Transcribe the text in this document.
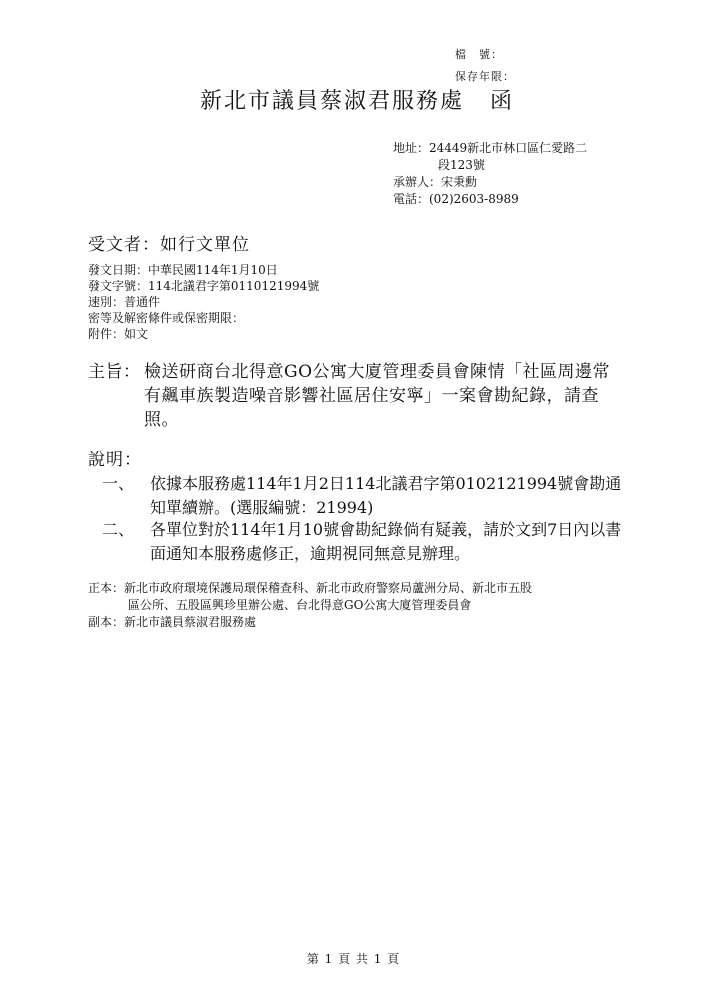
檔　號：
保存年限：
新北市議員蔡淑君服務處 函
地址：24449新北市林口區仁愛路二
段123號
承辦人：宋秉勳
電話：(02)2603-8989
受文者：如行文單位
發文日期：中華民國114年1月10日
發文字號：114北議君字第0110121994號
速別：普通件
密等及解密條件或保密期限：
附件：如文
主旨： 檢送研商台北得意GO公寓大廈管理委員會陳情「社區周邊常有飆車族製造噪音影響社區居住安寧」一案會勘紀錄，請查照。
說明：
一、 依據本服務處114年1月2日114北議君字第0102121994號會勘通知單續辦。(選服編號：21994)
二、 各單位對於114年1月10號會勘紀錄倘有疑義，請於文到7日內以書面通知本服務處修正，逾期視同無意見辦理。
正本：新北市政府環境保護局環保稽查科、新北市政府警察局蘆洲分局、新北市五股
區公所、五股區興珍里辦公處、台北得意GO公寓大廈管理委員會
副本：新北市議員蔡淑君服務處
第 1 頁 共 1 頁
